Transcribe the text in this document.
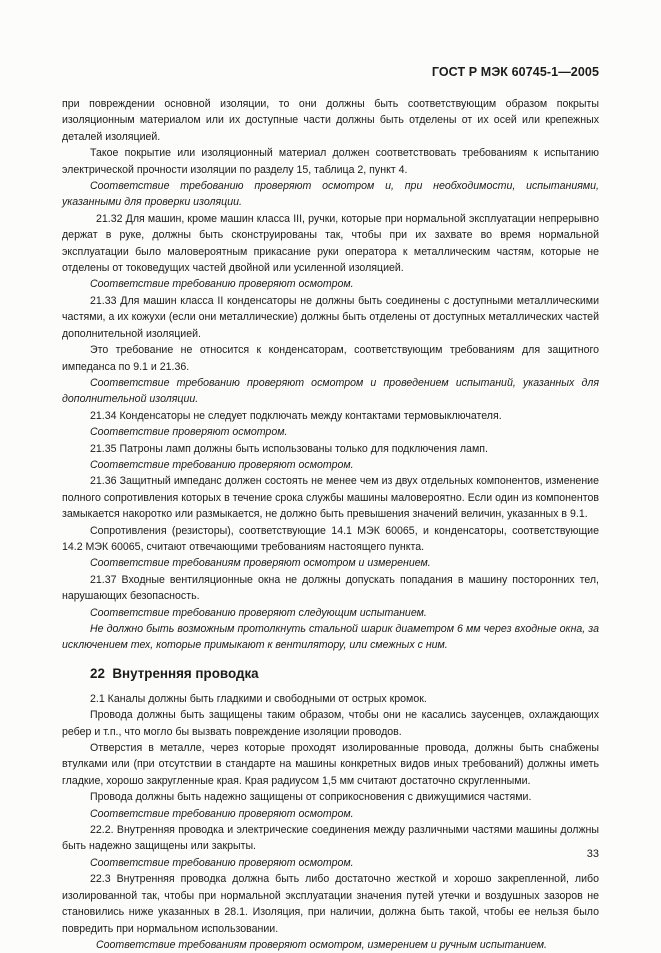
ГОСТ Р МЭК 60745-1—2005

при повреждении основной изоляции, то они должны быть соответствующим образом покрыты изоляционным материалом или их доступные части должны быть отделены от их осей или крепежных деталей изоляцией.

Такое покрытие или изоляционный материал должен соответствовать требованиям к испытанию электрической прочности изоляции по разделу 15, таблица 2, пункт 4.

Соответствие требованию проверяют осмотром и, при необходимости, испытаниями, указанными для проверки изоляции.

21.32 Для машин, кроме машин класса III, ручки, которые при нормальной эксплуатации непрерывно держат в руке, должны быть сконструированы так, чтобы при их захвате во время нормальной эксплуатации было маловероятным прикасание руки оператора к металлическим частям, которые не отделены от токоведущих частей двойной или усиленной изоляцией.

Соответствие требованию проверяют осмотром.

21.33 Для машин класса II конденсаторы не должны быть соединены с доступными металлическими частями, а их кожухи (если они металлические) должны быть отделены от доступных металлических частей дополнительной изоляцией.

Это требование не относится к конденсаторам, соответствующим требованиям для защитного импеданса по 9.1 и 21.36.

Соответствие требованию проверяют осмотром и проведением испытаний, указанных для дополнительной изоляции.

21.34 Конденсаторы не следует подключать между контактами термовыключателя.

Соответствие проверяют осмотром.

21.35 Патроны ламп должны быть использованы только для подключения ламп.

Соответствие требованию проверяют осмотром.

21.36 Защитный импеданс должен состоять не менее чем из двух отдельных компонентов, изменение полного сопротивления которых в течение срока службы машины маловероятно. Если один из компонентов замыкается накоротко или размыкается, не должно быть превышения значений величин, указанных в 9.1.

Сопротивления (резисторы), соответствующие 14.1 МЭК 60065, и конденсаторы, соответствующие 14.2 МЭК 60065, считают отвечающими требованиям настоящего пункта.

Соответствие требованиям проверяют осмотром и измерением.

21.37 Входные вентиляционные окна не должны допускать попадания в машину посторонних тел, нарушающих безопасность.

Соответствие требованию проверяют следующим испытанием.

Не должно быть возможным протолкнуть стальной шарик диаметром 6 мм через входные окна, за исключением тех, которые примыкают к вентилятору, или смежных с ним.

22 Внутренняя проводка

2.1 Каналы должны быть гладкими и свободными от острых кромок.

Провода должны быть защищены таким образом, чтобы они не касались заусенцев, охлаждающих ребер и т.п., что могло бы вызвать повреждение изоляции проводов.

Отверстия в металле, через которые проходят изолированные провода, должны быть снабжены втулками или (при отсутствии в стандарте на машины конкретных видов иных требований) должны иметь гладкие, хорошо закругленные края. Края радиусом 1,5 мм считают достаточно скругленными.

Провода должны быть надежно защищены от соприкосновения с движущимися частями.

Соответствие требованию проверяют осмотром.

22.2. Внутренняя проводка и электрические соединения между различными частями машины должны быть надежно защищены или закрыты.

Соответствие требованию проверяют осмотром.

22.3 Внутренняя проводка должна быть либо достаточно жесткой и хорошо закрепленной, либо изолированной так, чтобы при нормальной эксплуатации значения путей утечки и воздушных зазоров не становились ниже указанных в 28.1. Изоляция, при наличии, должна быть такой, чтобы ее нельзя было повредить при нормальном использовании.

Соответствие требованиям проверяют осмотром, измерением и ручным испытанием.

33
